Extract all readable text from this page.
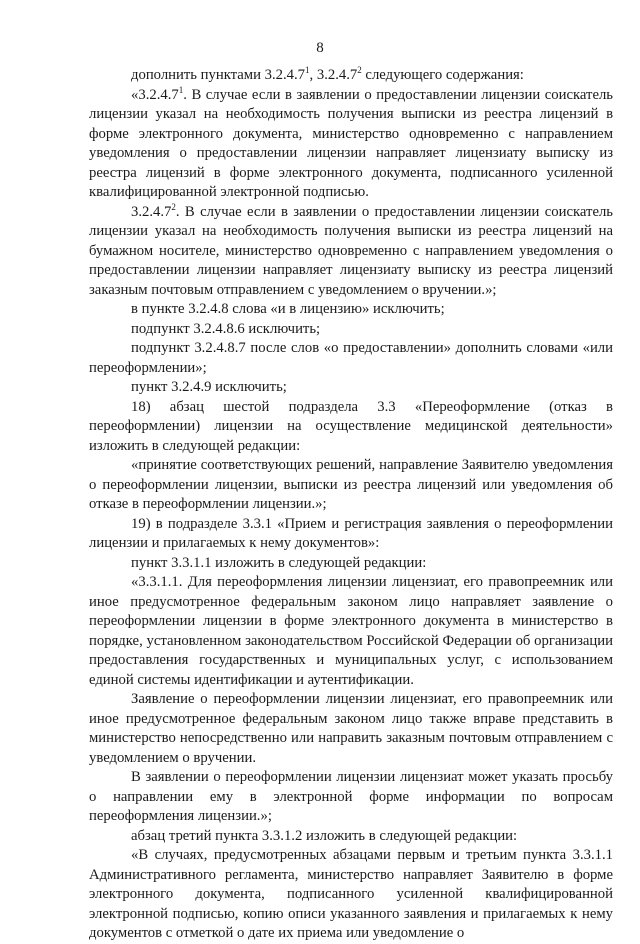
8

дополнить пунктами 3.2.4.7$^1$, 3.2.4.7$^2$ следующего содержания:

«3.2.4.7$^1$. В случае если в заявлении о предоставлении лицензии соискатель лицензии указал на необходимость получения выписки из реестра лицензий в форме электронного документа, министерство одновременно с направлением уведомления о предоставлении лицензии направляет лицензиату выписку из реестра лицензий в форме электронного документа, подписанного усиленной квалифицированной электронной подписью.

3.2.4.7$^2$. В случае если в заявлении о предоставлении лицензии соискатель лицензии указал на необходимость получения выписки из реестра лицензий на бумажном носителе, министерство одновременно с направлением уведомления о предоставлении лицензии направляет лицензиату выписку из реестра лицензий заказным почтовым отправлением с уведомлением о вручении.»;

в пункте 3.2.4.8 слова «и в лицензию» исключить;

подпункт 3.2.4.8.6 исключить;

подпункт 3.2.4.8.7 после слов «о предоставлении» дополнить словами «или переоформлении»;

пункт 3.2.4.9 исключить;

18) абзац шестой подраздела 3.3 «Переоформление (отказ в переоформлении) лицензии на осуществление медицинской деятельности» изложить в следующей редакции:

«принятие соответствующих решений, направление Заявителю уведомления о переоформлении лицензии, выписки из реестра лицензий или уведомления об отказе в переоформлении лицензии.»;

19) в подразделе 3.3.1 «Прием и регистрация заявления о переоформлении лицензии и прилагаемых к нему документов»:

пункт 3.3.1.1 изложить в следующей редакции:

«3.3.1.1. Для переоформления лицензии лицензиат, его правопреемник или иное предусмотренное федеральным законом лицо направляет заявление о переоформлении лицензии в форме электронного документа в министерство в порядке, установленном законодательством Российской Федерации об организации предоставления государственных и муниципальных услуг, с использованием единой системы идентификации и аутентификации.

Заявление о переоформлении лицензии лицензиат, его правопреемник или иное предусмотренное федеральным законом лицо также вправе представить в министерство непосредственно или направить заказным почтовым отправлением с уведомлением о вручении.

В заявлении о переоформлении лицензии лицензиат может указать просьбу о направлении ему в электронной форме информации по вопросам переоформления лицензии.»;

абзац третий пункта 3.3.1.2 изложить в следующей редакции:

«В случаях, предусмотренных абзацами первым и третьим пункта 3.3.1.1 Административного регламента, министерство направляет Заявителю в форме электронного документа, подписанного усиленной квалифицированной электронной подписью, копию описи указанного заявления и прилагаемых к нему документов с отметкой о дате их приема или уведомление о
